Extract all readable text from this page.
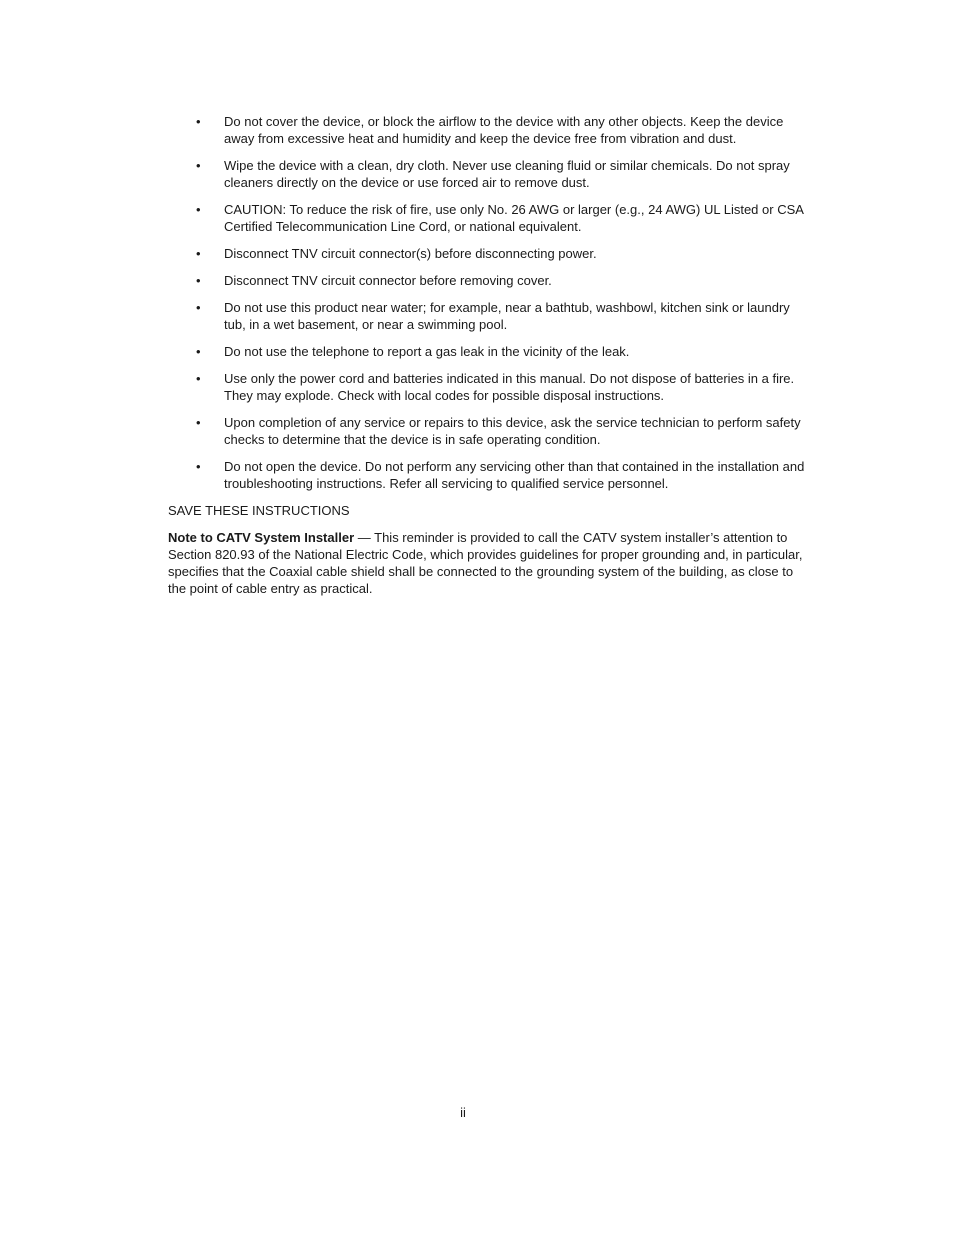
•	Do not cover the device, or block the airflow to the device with any other objects. Keep the device away from excessive heat and humidity and keep the device free from vibration and dust.
•	Wipe the device with a clean, dry cloth. Never use cleaning fluid or similar chemicals. Do not spray cleaners directly on the device or use forced air to remove dust.
•	CAUTION: To reduce the risk of fire, use only No. 26 AWG or larger (e.g., 24 AWG) UL Listed or CSA Certified Telecommunication Line Cord, or national equivalent.
•	Disconnect TNV circuit connector(s) before disconnecting power.
•	Disconnect TNV circuit connector before removing cover.
•	Do not use this product near water; for example, near a bathtub, washbowl, kitchen sink or laundry tub, in a wet basement, or near a swimming pool.
•	Do not use the telephone to report a gas leak in the vicinity of the leak.
•	Use only the power cord and batteries indicated in this manual. Do not dispose of batteries in a fire. They may explode. Check with local codes for possible disposal instructions.
•	Upon completion of any service or repairs to this device, ask the service technician to perform safety checks to determine that the device is in safe operating condition.
•	Do not open the device. Do not perform any servicing other than that contained in the installation and troubleshooting instructions. Refer all servicing to qualified service personnel.

SAVE THESE INSTRUCTIONS

Note to CATV System Installer — This reminder is provided to call the CATV system installer’s attention to Section 820.93 of the National Electric Code, which provides guidelines for proper grounding and, in particular, specifies that the Coaxial cable shield shall be connected to the grounding system of the building, as close to the point of cable entry as practical.

ii
